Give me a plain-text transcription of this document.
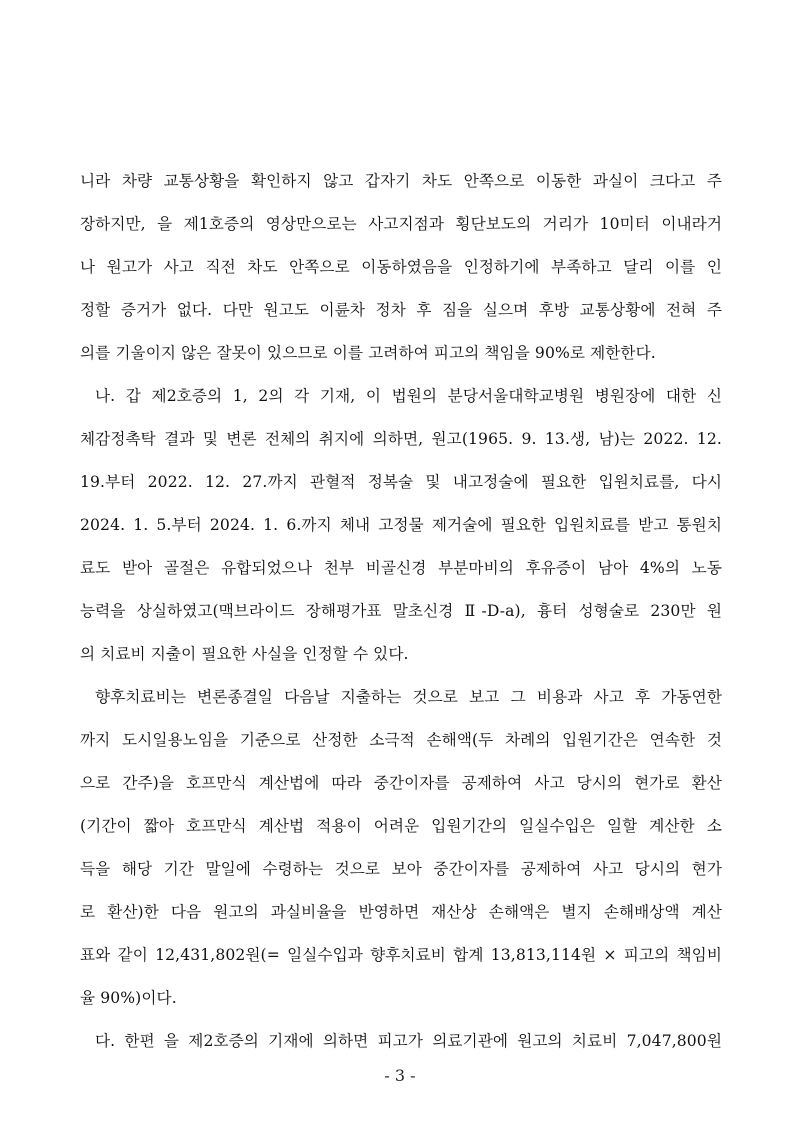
니라 차량 교통상황을 확인하지 않고 갑자기 차도 안쪽으로 이동한 과실이 크다고 주
장하지만, 을 제1호증의 영상만으로는 사고지점과 횡단보도의 거리가 10미터 이내라거
나 원고가 사고 직전 차도 안쪽으로 이동하였음을 인정하기에 부족하고 달리 이를 인
정할 증거가 없다. 다만 원고도 이륜차 정차 후 짐을 실으며 후방 교통상황에 전혀 주
의를 기울이지 않은 잘못이 있으므로 이를 고려하여 피고의 책임을 90%로 제한한다.
나. 갑 제2호증의 1, 2의 각 기재, 이 법원의 분당서울대학교병원 병원장에 대한 신
체감정촉탁 결과 및 변론 전체의 취지에 의하면, 원고(1965. 9. 13.생, 남)는 2022. 12.
19.부터 2022. 12. 27.까지 관혈적 정복술 및 내고정술에 필요한 입원치료를, 다시
2024. 1. 5.부터 2024. 1. 6.까지 체내 고정물 제거술에 필요한 입원치료를 받고 통원치
료도 받아 골절은 유합되었으나 천부 비골신경 부분마비의 후유증이 남아 4%의 노동
능력을 상실하였고(맥브라이드 장해평가표 말초신경 Ⅱ-D-a), 흉터 성형술로 230만 원
의 치료비 지출이 필요한 사실을 인정할 수 있다.
향후치료비는 변론종결일 다음날 지출하는 것으로 보고 그 비용과 사고 후 가동연한
까지 도시일용노임을 기준으로 산정한 소극적 손해액(두 차례의 입원기간은 연속한 것
으로 간주)을 호프만식 계산법에 따라 중간이자를 공제하여 사고 당시의 현가로 환산
(기간이 짧아 호프만식 계산법 적용이 어려운 입원기간의 일실수입은 일할 계산한 소
득을 해당 기간 말일에 수령하는 것으로 보아 중간이자를 공제하여 사고 당시의 현가
로 환산)한 다음 원고의 과실비율을 반영하면 재산상 손해액은 별지 손해배상액 계산
표와 같이 12,431,802원(= 일실수입과 향후치료비 합계 13,813,114원 × 피고의 책임비
율 90%)이다.
다. 한편 을 제2호증의 기재에 의하면 피고가 의료기관에 원고의 치료비 7,047,800원
- 3 -
